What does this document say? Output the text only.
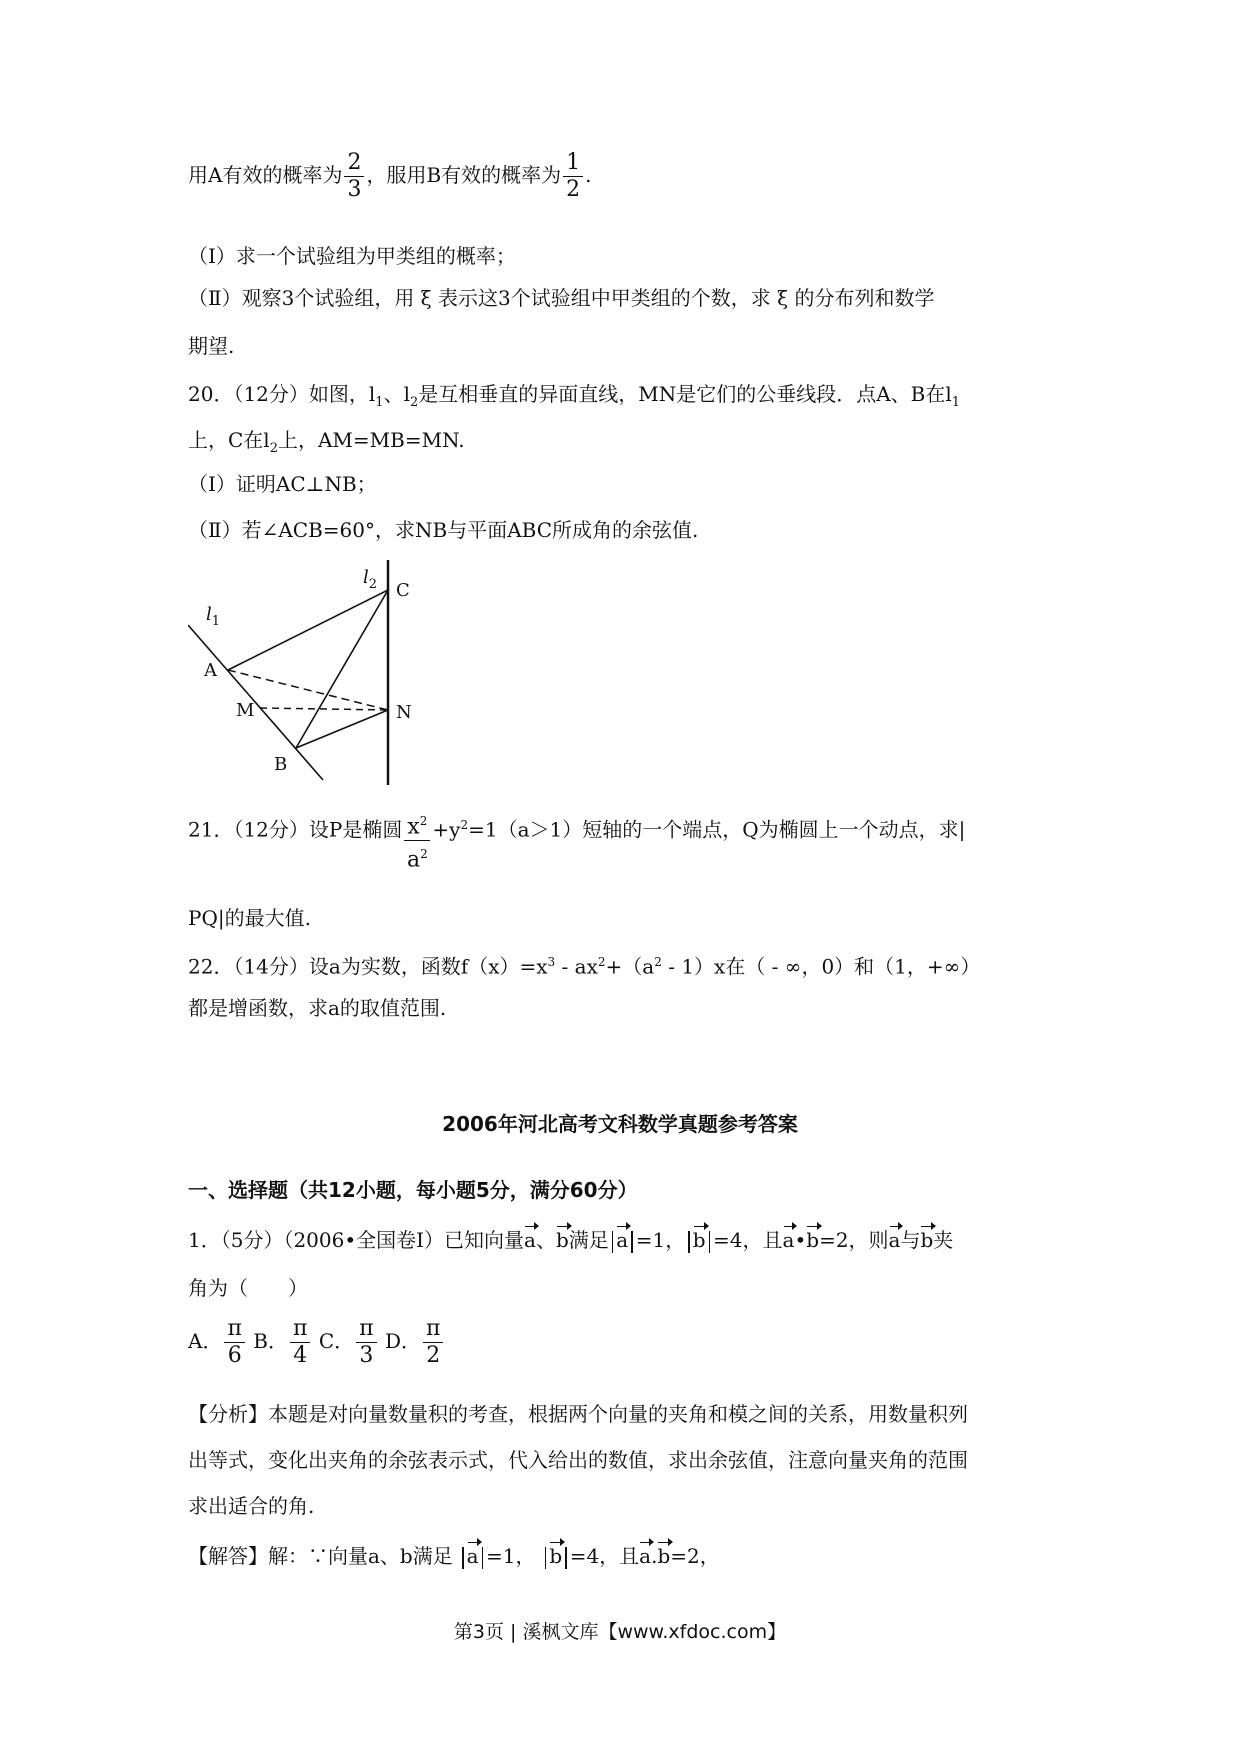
用A有效的概率为 $\frac{2}{3}$ ，服用B有效的概率为 $\frac{1}{2}$ .
（Ⅰ）求一个试验组为甲类组的概率；
（Ⅱ）观察3个试验组，用 ξ 表示这3个试验组中甲类组的个数，求 ξ 的分布列和数学
期望.
20．（12分）如图，$l_1$、$l_2$是互相垂直的异面直线，MN是它们的公垂线段．点A、B在$l_1$
上，C在$l_2$上，AM=MB=MN.
（Ⅰ）证明AC⊥NB；
（Ⅱ）若∠ACB=60°，求NB与平面ABC所成角的余弦值.
$l_2$
$l_1$
C
A
M	N
B
21．（12分）设P是椭圆 $\frac{x^2}{a^2} +y^2=1(a>1)$短轴的一个端点，Q为椭圆上一个动点，求|
PQ|的最大值.
22．（14分）设a为实数，函数$f(x)=x^3 - ax^2+(a^2 - 1)x$在（ - ∞，0）和（1，+∞）
都是增函数，求a的取值范围.
2006年河北高考文科数学真题参考答案
一、选择题（共12小题，每小题5分，满分60分）
1．（5分）（2006•全国卷Ⅰ）已知向量a、b满足 a =1， b =4，且a•b=2，则a与b夹
角为（　　）
A． $\frac{\pi}{6}$ B． $\frac{\pi}{4}$ C． $\frac{\pi}{3}$ D． $\frac{\pi}{2}$
【分析】本题是对向量数量积的考查，根据两个向量的夹角和模之间的关系，用数量积列
出等式，变化出夹角的余弦表示式，代入给出的数值，求出余弦值，注意向量夹角的范围
求出适合的角.
【解答】解：∵向量a、b满足 a =1， b =4，且a.b=2，
第3页 | 溪枫文库【www.xfdoc.com】
